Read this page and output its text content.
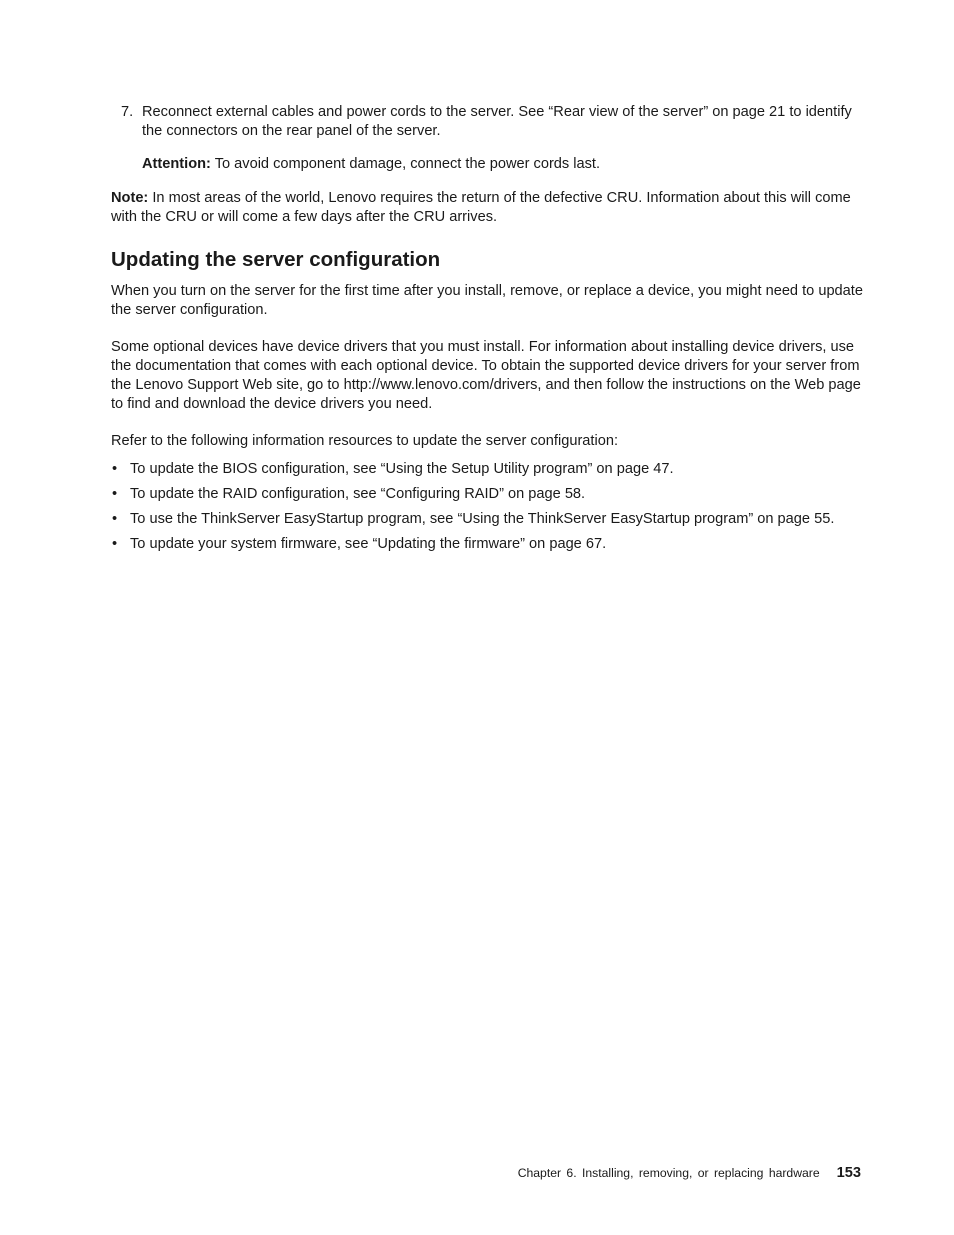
7. Reconnect external cables and power cords to the server. See “Rear view of the server” on page 21 to identify the connectors on the rear panel of the server.

Attention: To avoid component damage, connect the power cords last.

Note: In most areas of the world, Lenovo requires the return of the defective CRU. Information about this will come with the CRU or will come a few days after the CRU arrives.

Updating the server configuration

When you turn on the server for the first time after you install, remove, or replace a device, you might need to update the server configuration.

Some optional devices have device drivers that you must install. For information about installing device drivers, use the documentation that comes with each optional device. To obtain the supported device drivers for your server from the Lenovo Support Web site, go to http://www.lenovo.com/drivers, and then follow the instructions on the Web page to find and download the device drivers you need.

Refer to the following information resources to update the server configuration:

• To update the BIOS configuration, see “Using the Setup Utility program” on page 47.
• To update the RAID configuration, see “Configuring RAID” on page 58.
• To use the ThinkServer EasyStartup program, see “Using the ThinkServer EasyStartup program” on page 55.
• To update your system firmware, see “Updating the firmware” on page 67.
Chapter 6. Installing, removing, or replacing hardware 153
